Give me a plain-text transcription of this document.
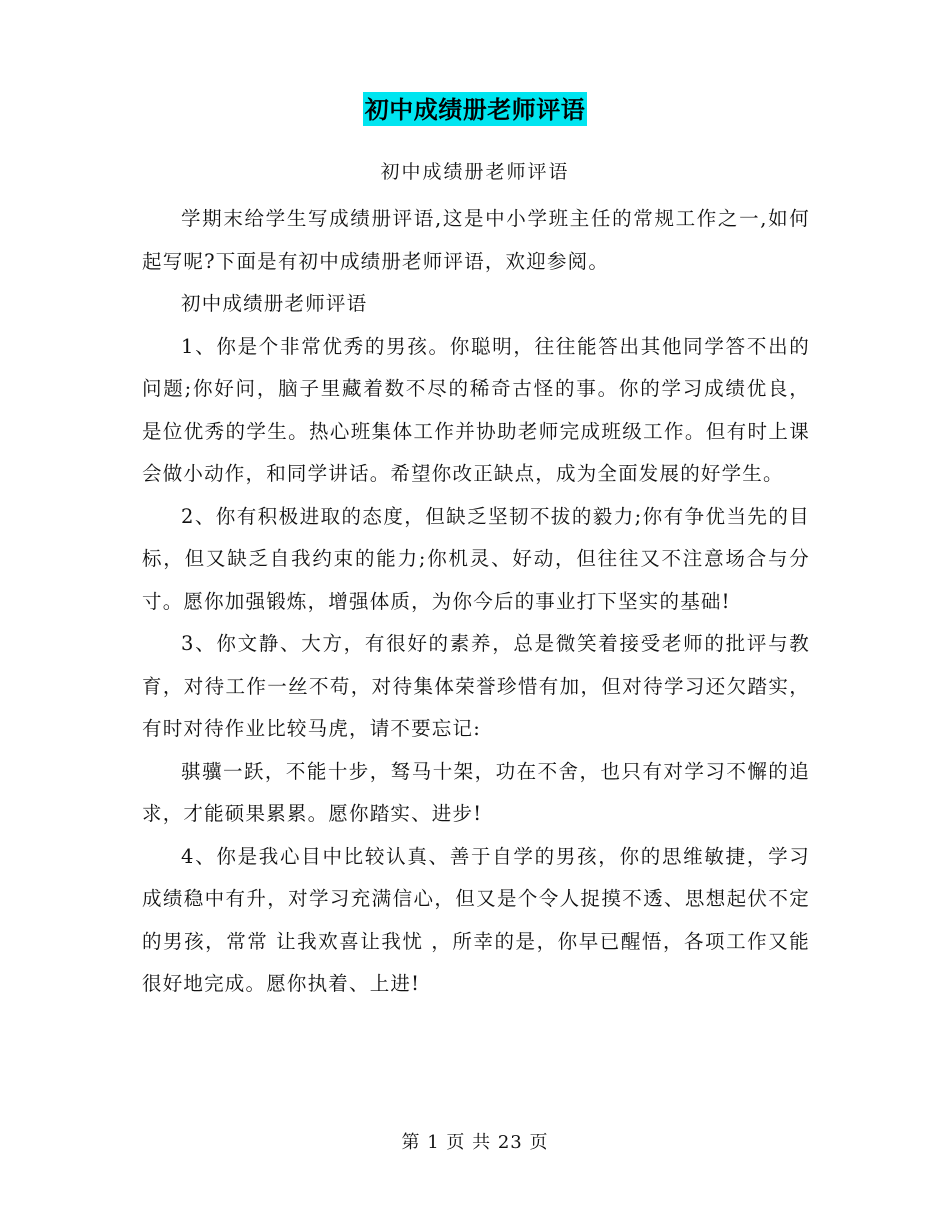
初中成绩册老师评语
初中成绩册老师评语

学期末给学生写成绩册评语,这是中小学班主任的常规工作之一,如何起写呢?下面是有初中成绩册老师评语，欢迎参阅。

初中成绩册老师评语

1、你是个非常优秀的男孩。你聪明，往往能答出其他同学答不出的问题;你好问，脑子里藏着数不尽的稀奇古怪的事。你的学习成绩优良，是位优秀的学生。热心班集体工作并协助老师完成班级工作。但有时上课会做小动作，和同学讲话。希望你改正缺点，成为全面发展的好学生。

2、你有积极进取的态度，但缺乏坚韧不拔的毅力;你有争优当先的目标，但又缺乏自我约束的能力;你机灵、好动，但往往又不注意场合与分寸。愿你加强锻炼，增强体质，为你今后的事业打下坚实的基础!

3、你文静、大方，有很好的素养，总是微笑着接受老师的批评与教育，对待工作一丝不苟，对待集体荣誉珍惜有加，但对待学习还欠踏实，有时对待作业比较马虎，请不要忘记:

骐骥一跃，不能十步，驽马十架，功在不舍，也只有对学习不懈的追求，才能硕果累累。愿你踏实、进步!

4、你是我心目中比较认真、善于自学的男孩，你的思维敏捷，学习成绩稳中有升，对学习充满信心，但又是个令人捉摸不透、思想起伏不定的男孩，常常 让我欢喜让我忧 ，所幸的是，你早已醒悟，各项工作又能很好地完成。愿你执着、上进!

第 1 页 共 23 页
